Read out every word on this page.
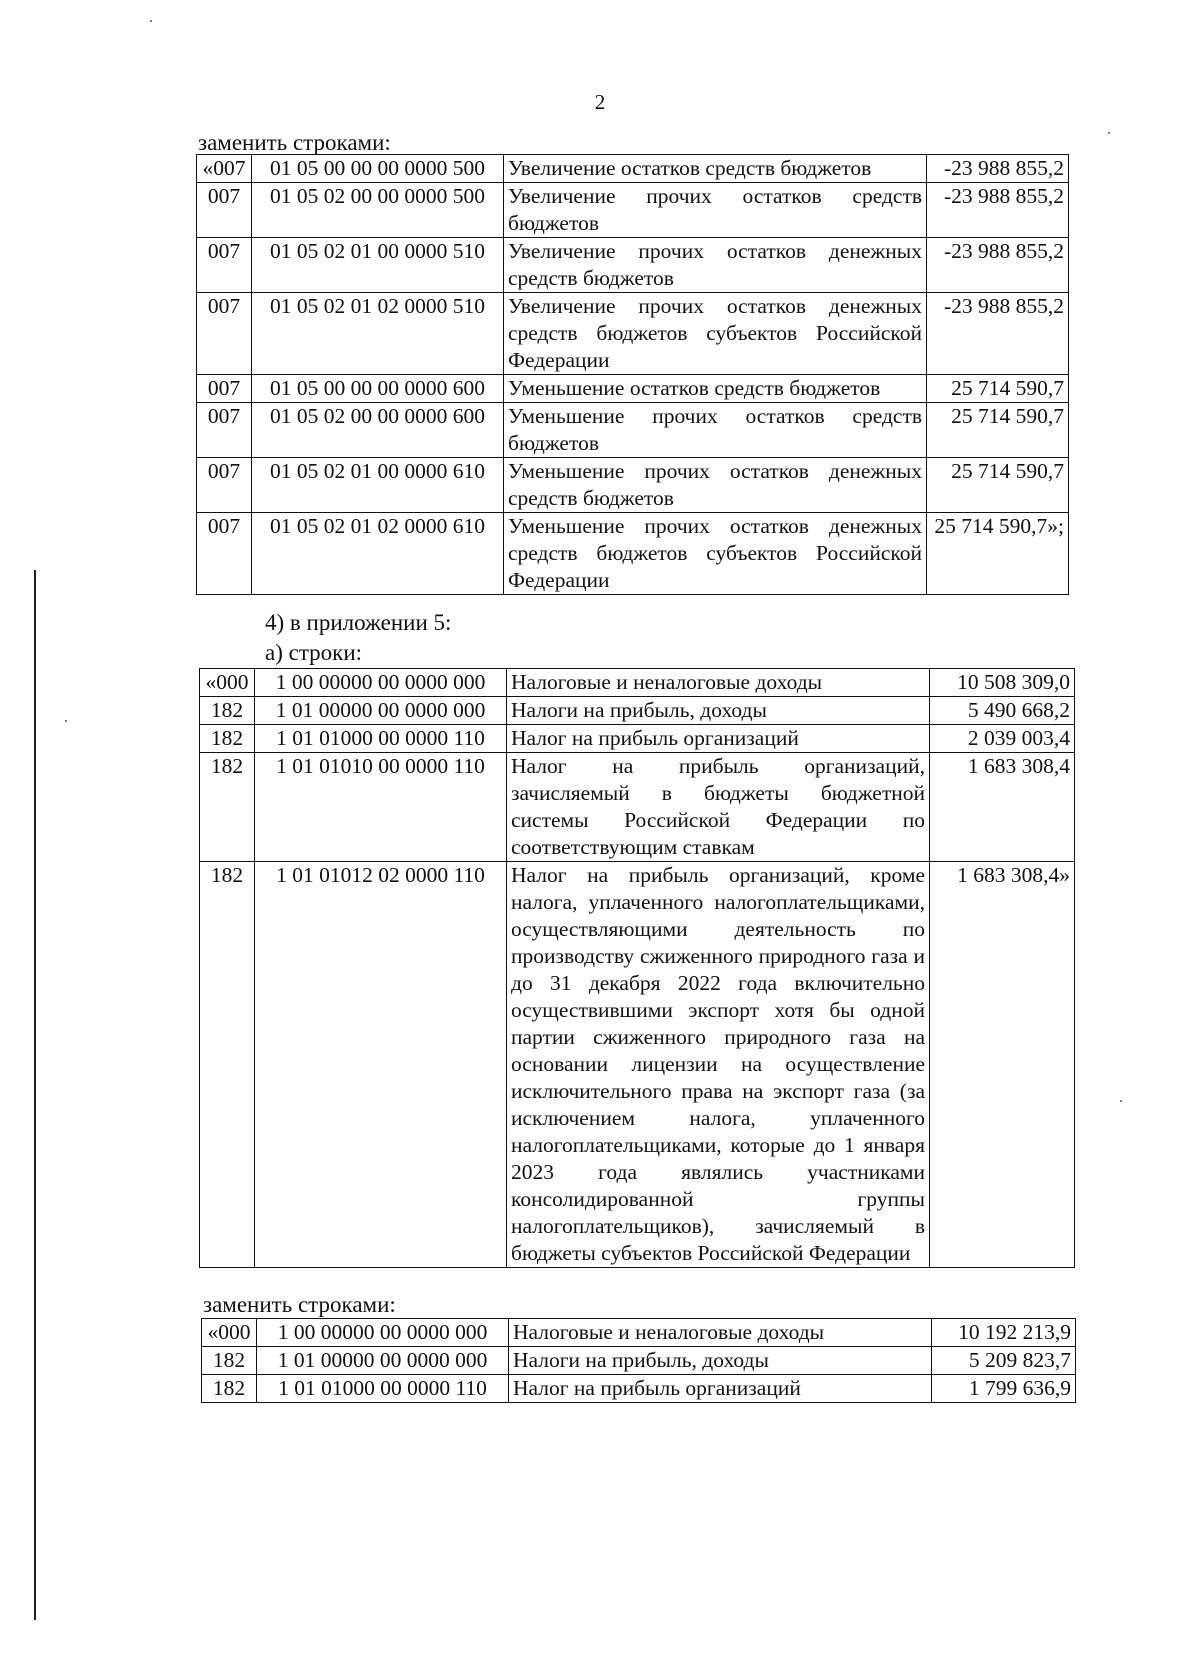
2
заменить строками:
«007	01 05 00 00 00 0000 500	Увеличение остатков средств бюджетов	-23 988 855,2
007	01 05 02 00 00 0000 500	Увеличение прочих остатков средств бюджетов	-23 988 855,2
007	01 05 02 01 00 0000 510	Увеличение прочих остатков денежных средств бюджетов	-23 988 855,2
007	01 05 02 01 02 0000 510	Увеличение прочих остатков денежных средств бюджетов субъектов Российской Федерации	-23 988 855,2
007	01 05 00 00 00 0000 600	Уменьшение остатков средств бюджетов	25 714 590,7
007	01 05 02 00 00 0000 600	Уменьшение прочих остатков средств бюджетов	25 714 590,7
007	01 05 02 01 00 0000 610	Уменьшение прочих остатков денежных средств бюджетов	25 714 590,7
007	01 05 02 01 02 0000 610	Уменьшение прочих остатков денежных средств бюджетов субъектов Российской Федерации	25 714 590,7»;
4) в приложении 5:
а) строки:
«000	1 00 00000 00 0000 000	Налоговые и неналоговые доходы	10 508 309,0
182	1 01 00000 00 0000 000	Налоги на прибыль, доходы	5 490 668,2
182	1 01 01000 00 0000 110	Налог на прибыль организаций	2 039 003,4
182	1 01 01010 00 0000 110	Налог на прибыль организаций, зачисляемый в бюджеты бюджетной системы Российской Федерации по соответствующим ставкам	1 683 308,4
182	1 01 01012 02 0000 110	Налог на прибыль организаций, кроме налога, уплаченного налогоплательщиками, осуществляющими деятельность по производству сжиженного природного газа и до 31 декабря 2022 года включительно осуществившими экспорт хотя бы одной партии сжиженного природного газа на основании лицензии на осуществление исключительного права на экспорт газа (за исключением налога, уплаченного налогоплательщиками, которые до 1 января 2023 года являлись участниками консолидированной группы налогоплательщиков), зачисляемый в бюджеты субъектов Российской Федерации	1 683 308,4»
заменить строками:
«000	1 00 00000 00 0000 000	Налоговые и неналоговые доходы	10 192 213,9
182	1 01 00000 00 0000 000	Налоги на прибыль, доходы	5 209 823,7
182	1 01 01000 00 0000 110	Налог на прибыль организаций	1 799 636,9
